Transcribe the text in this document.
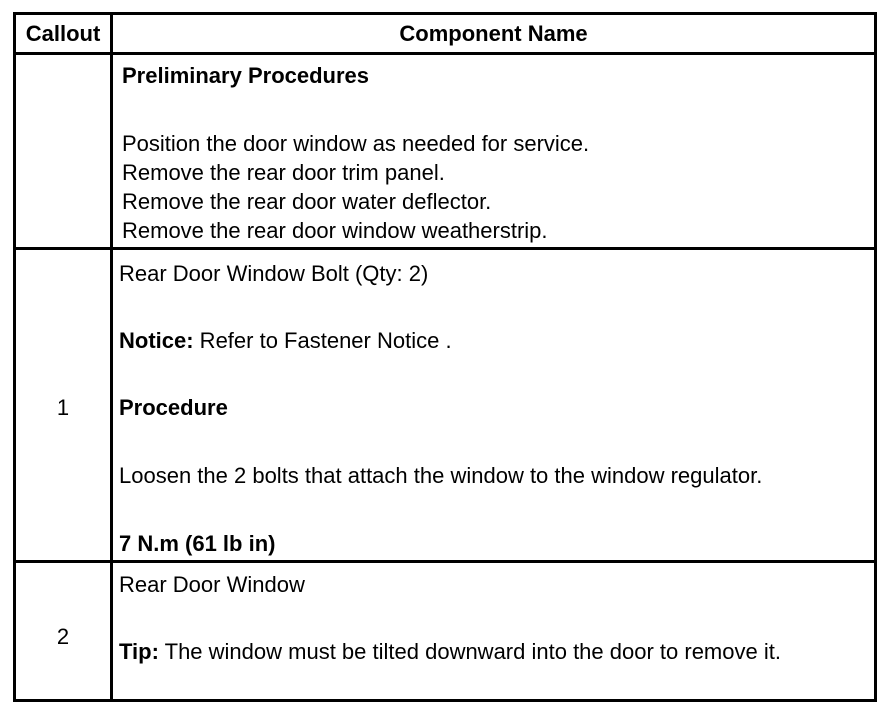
Callout	Component Name
Preliminary Procedures
Position the door window as needed for service.
Remove the rear door trim panel.
Remove the rear door water deflector.
Remove the rear door window weatherstrip.
1
Rear Door Window Bolt (Qty: 2)
Notice: Refer to Fastener Notice .
Procedure
Loosen the 2 bolts that attach the window to the window regulator.
7 N.m (61 lb in)
2
Rear Door Window
Tip: The window must be tilted downward into the door to remove it.
